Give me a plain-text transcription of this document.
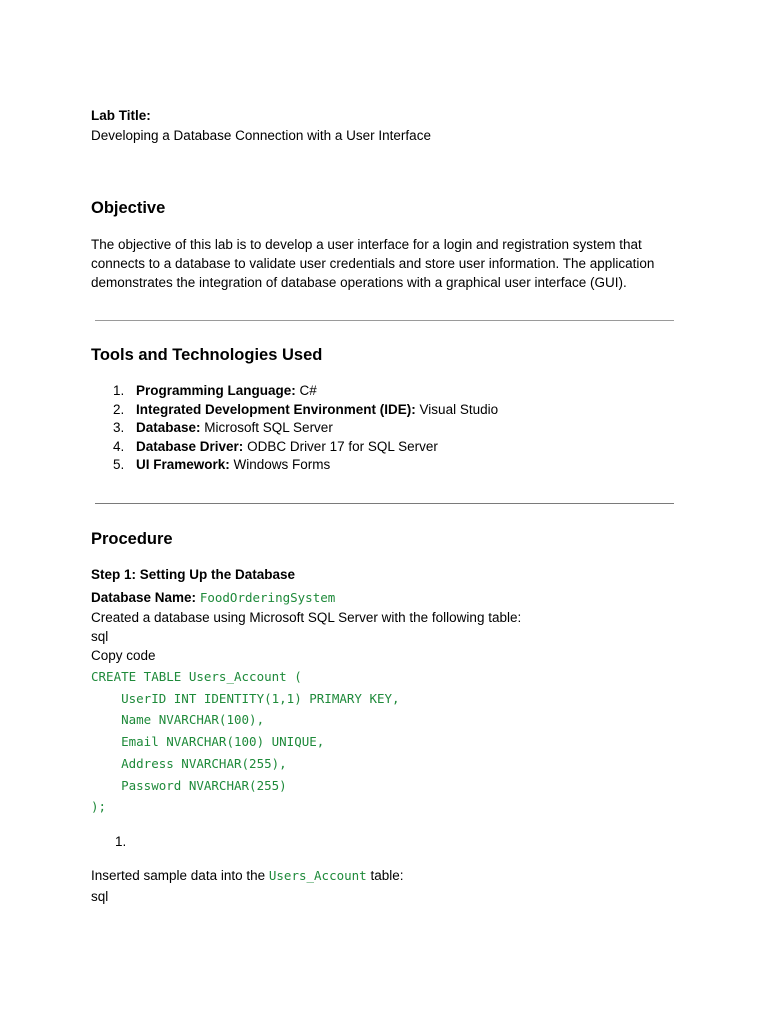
Lab Title:
Developing a Database Connection with a User Interface
Objective
The objective of this lab is to develop a user interface for a login and registration system that connects to a database to validate user credentials and store user information. The application demonstrates the integration of database operations with a graphical user interface (GUI).
Tools and Technologies Used
1. Programming Language: C#
2. Integrated Development Environment (IDE): Visual Studio
3. Database: Microsoft SQL Server
4. Database Driver: ODBC Driver 17 for SQL Server
5. UI Framework: Windows Forms
Procedure
Step 1: Setting Up the Database
Database Name: FoodOrderingSystem
Created a database using Microsoft SQL Server with the following table:
sql
Copy code
CREATE TABLE Users_Account (
UserID INT IDENTITY(1,1) PRIMARY KEY,
Name NVARCHAR(100),
Email NVARCHAR(100) UNIQUE,
Address NVARCHAR(255),
Password NVARCHAR(255)
);
1.
Inserted sample data into the Users_Account table:
sql
